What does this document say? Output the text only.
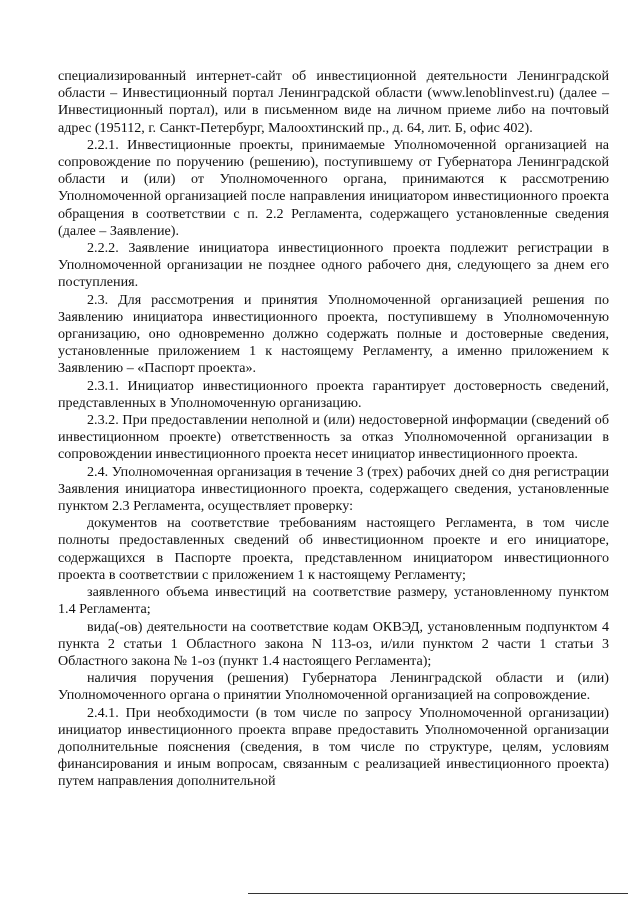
специализированный интернет-сайт об инвестиционной деятельности Ленинградской области – Инвестиционный портал Ленинградской области (www.lenoblinvest.ru) (далее – Инвестиционный портал), или в письменном виде на личном приеме либо на почтовый адрес (195112, г. Санкт-Петербург, Малоохтинский пр., д. 64, лит. Б, офис 402).

2.2.1. Инвестиционные проекты, принимаемые Уполномоченной организацией на сопровождение по поручению (решению), поступившему от Губернатора Ленинградской области и (или) от Уполномоченного органа, принимаются к рассмотрению Уполномоченной организацией после направления инициатором инвестиционного проекта обращения в соответствии с п. 2.2 Регламента, содержащего установленные сведения (далее – Заявление).

2.2.2. Заявление инициатора инвестиционного проекта подлежит регистрации в Уполномоченной организации не позднее одного рабочего дня, следующего за днем его поступления.

2.3. Для рассмотрения и принятия Уполномоченной организацией решения по Заявлению инициатора инвестиционного проекта, поступившему в Уполномоченную организацию, оно одновременно должно содержать полные и достоверные сведения, установленные приложением 1 к настоящему Регламенту, а именно приложением к Заявлению – «Паспорт проекта».

2.3.1. Инициатор инвестиционного проекта гарантирует достоверность сведений, представленных в Уполномоченную организацию.

2.3.2. При предоставлении неполной и (или) недостоверной информации (сведений об инвестиционном проекте) ответственность за отказ Уполномоченной организации в сопровождении инвестиционного проекта несет инициатор инвестиционного проекта.

2.4. Уполномоченная организация в течение 3 (трех) рабочих дней со дня регистрации Заявления инициатора инвестиционного проекта, содержащего сведения, установленные пунктом 2.3 Регламента, осуществляет проверку:

документов на соответствие требованиям настоящего Регламента, в том числе полноты предоставленных сведений об инвестиционном проекте и его инициаторе, содержащихся в Паспорте проекта, представленном инициатором инвестиционного проекта в соответствии с приложением 1 к настоящему Регламенту;

заявленного объема инвестиций на соответствие размеру, установленному пунктом 1.4 Регламента;

вида(-ов) деятельности на соответствие кодам ОКВЭД, установленным подпунктом 4 пункта 2 статьи 1 Областного закона N 113-оз, и/или пунктом 2 части 1 статьи 3 Областного закона № 1-оз (пункт 1.4 настоящего Регламента);

наличия поручения (решения) Губернатора Ленинградской области и (или) Уполномоченного органа о принятии Уполномоченной организацией на сопровождение.

2.4.1. При необходимости (в том числе по запросу Уполномоченной организации) инициатор инвестиционного проекта вправе предоставить Уполномоченной организации дополнительные пояснения (сведения, в том числе по структуре, целям, условиям финансирования и иным вопросам, связанным с реализацией инвестиционного проекта) путем направления дополнительной
